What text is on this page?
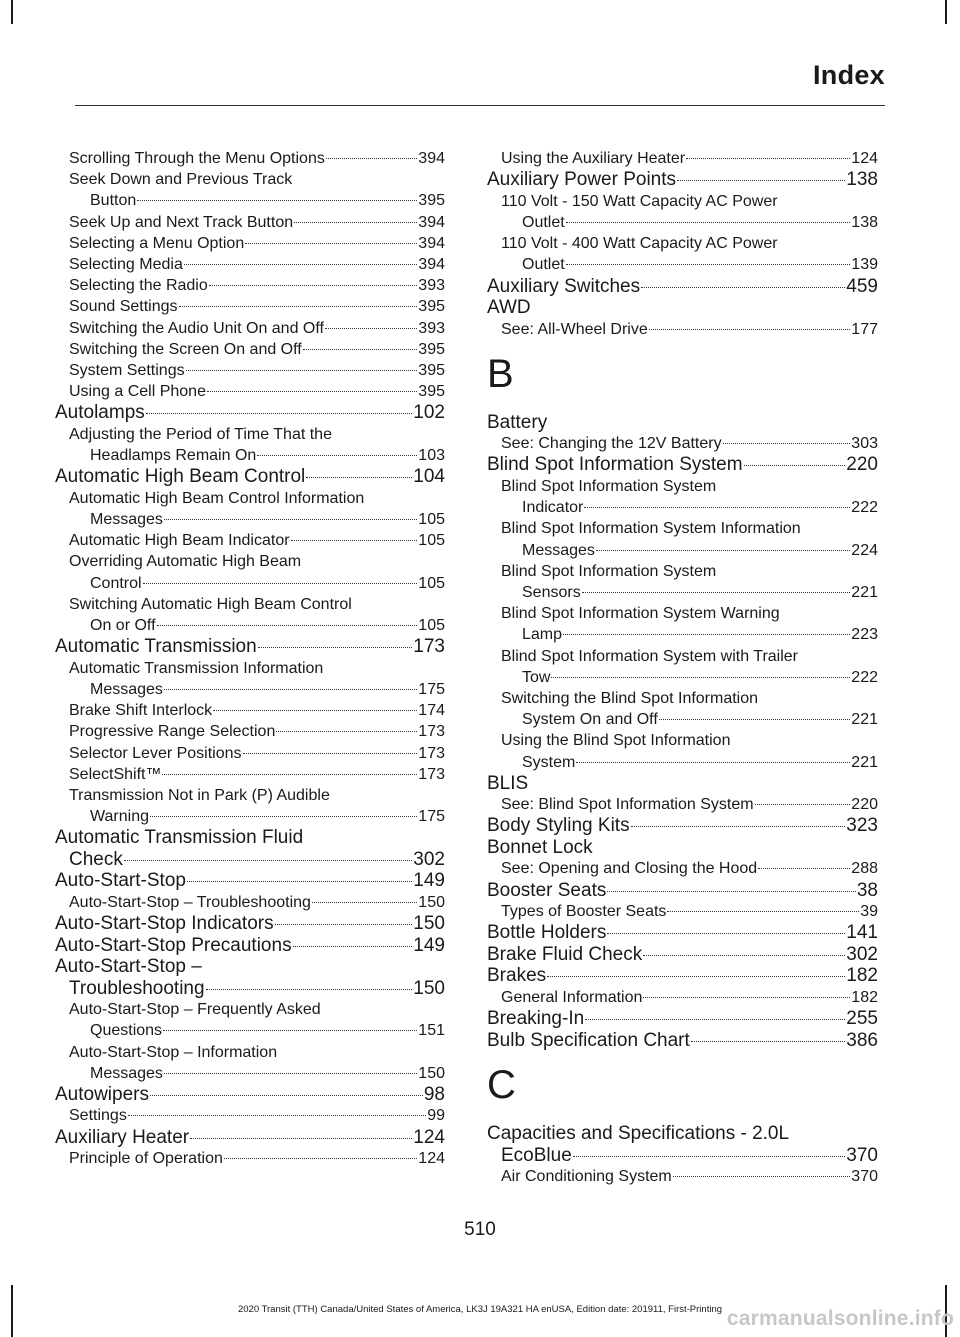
Index
Scrolling Through the Menu Options	394
Seek Down and Previous Track
Button	395
Seek Up and Next Track Button	394
Selecting a Menu Option	394
Selecting Media	394
Selecting the Radio	393
Sound Settings	395
Switching the Audio Unit On and Off	393
Switching the Screen On and Off	395
System Settings	395
Using a Cell Phone	395
Autolamps	102
Adjusting the Period of Time That the
Headlamps Remain On	103
Automatic High Beam Control	104
Automatic High Beam Control Information
Messages	105
Automatic High Beam Indicator	105
Overriding Automatic High Beam
Control	105
Switching Automatic High Beam Control
On or Off	105
Automatic Transmission	173
Automatic Transmission Information
Messages	175
Brake Shift Interlock	174
Progressive Range Selection	173
Selector Lever Positions	173
SelectShift™	173
Transmission Not in Park (P) Audible
Warning	175
Automatic Transmission Fluid
Check	302
Auto-Start-Stop	149
Auto-Start-Stop – Troubleshooting	150
Auto-Start-Stop Indicators	150
Auto-Start-Stop Precautions	149
Auto-Start-Stop –
Troubleshooting	150
Auto-Start-Stop – Frequently Asked
Questions	151
Auto-Start-Stop – Information
Messages	150
Autowipers	98
Settings	99
Auxiliary Heater	124
Principle of Operation	124
Using the Auxiliary Heater	124
Auxiliary Power Points	138
110 Volt - 150 Watt Capacity AC Power
Outlet	138
110 Volt - 400 Watt Capacity AC Power
Outlet	139
Auxiliary Switches	459
AWD
See: All-Wheel Drive	177
B
Battery
See: Changing the 12V Battery	303
Blind Spot Information System	220
Blind Spot Information System
Indicator	222
Blind Spot Information System Information
Messages	224
Blind Spot Information System
Sensors	221
Blind Spot Information System Warning
Lamp	223
Blind Spot Information System with Trailer
Tow	222
Switching the Blind Spot Information
System On and Off	221
Using the Blind Spot Information
System	221
BLIS
See: Blind Spot Information System	220
Body Styling Kits	323
Bonnet Lock
See: Opening and Closing the Hood	288
Booster Seats	38
Types of Booster Seats	39
Bottle Holders	141
Brake Fluid Check	302
Brakes	182
General Information	182
Breaking-In	255
Bulb Specification Chart	386
C
Capacities and Specifications - 2.0L
EcoBlue	370
Air Conditioning System	370
510
2020 Transit (TTH) Canada/United States of America, LK3J 19A321 HA enUSA, Edition date: 201911, First-Printing carmanualsonline.info
